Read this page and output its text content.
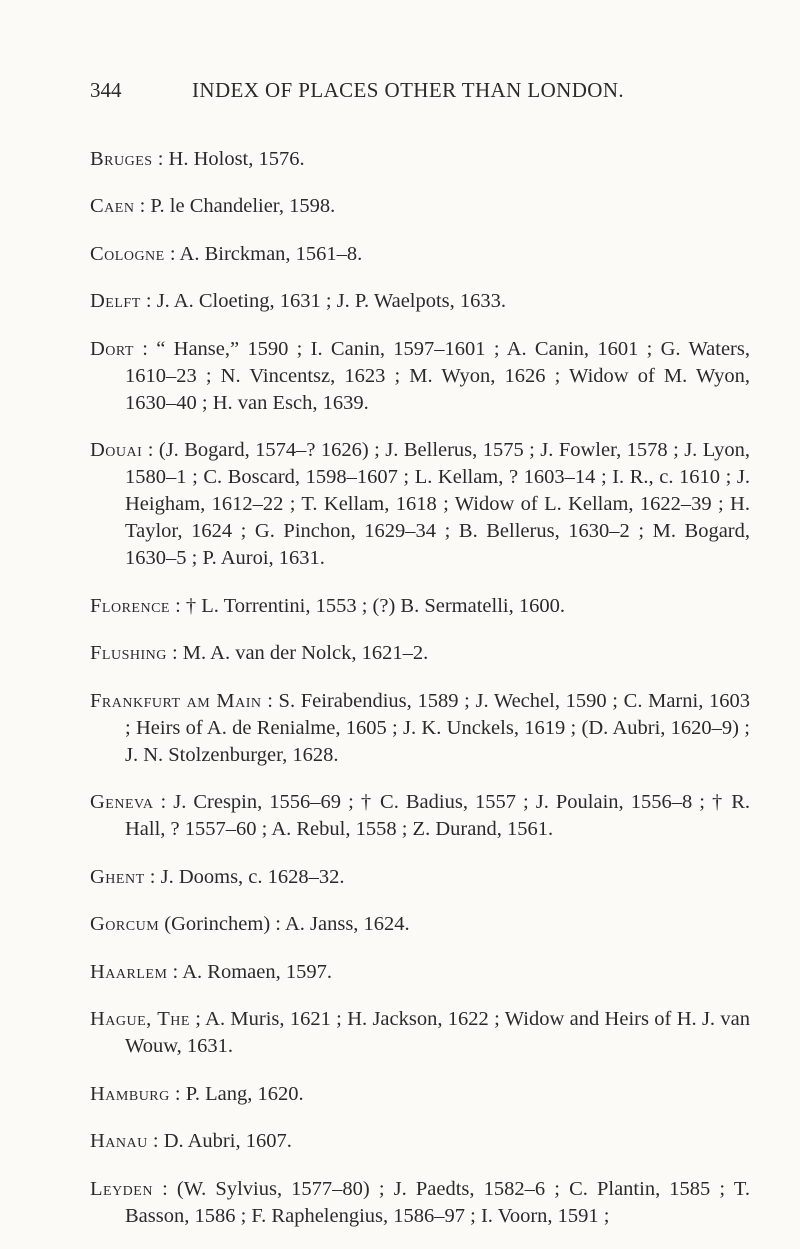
344	INDEX OF PLACES OTHER THAN LONDON.

Bruges : H. Holost, 1576.

Caen : P. le Chandelier, 1598.

Cologne : A. Birckman, 1561–8.

Delft : J. A. Cloeting, 1631 ; J. P. Waelpots, 1633.

Dort : “ Hanse,” 1590 ; I. Canin, 1597–1601 ; A. Canin, 1601 ; G. Waters, 1610–23 ; N. Vincentsz, 1623 ; M. Wyon, 1626 ; Widow of M. Wyon, 1630–40 ; H. van Esch, 1639.

Douai : (J. Bogard, 1574–? 1626) ; J. Bellerus, 1575 ; J. Fowler, 1578 ; J. Lyon, 1580–1 ; C. Boscard, 1598–1607 ; L. Kellam, ? 1603–14 ; I. R., c. 1610 ; J. Heigham, 1612–22 ; T. Kellam, 1618 ; Widow of L. Kellam, 1622–39 ; H. Taylor, 1624 ; G. Pinchon, 1629–34 ; B. Bellerus, 1630–2 ; M. Bogard, 1630–5 ; P. Auroi, 1631.

Florence : † L. Torrentini, 1553 ; (?) B. Sermatelli, 1600.

Flushing : M. A. van der Nolck, 1621–2.

Frankfurt am Main : S. Feirabendius, 1589 ; J. Wechel, 1590 ; C. Marni, 1603 ; Heirs of A. de Renialme, 1605 ; J. K. Unckels, 1619 ; (D. Aubri, 1620–9) ; J. N. Stolzenburger, 1628.

Geneva : J. Crespin, 1556–69 ; † C. Badius, 1557 ; J. Poulain, 1556–8 ; † R. Hall, ? 1557–60 ; A. Rebul, 1558 ; Z. Durand, 1561.

Ghent : J. Dooms, c. 1628–32.

Gorcum (Gorinchem) : A. Janss, 1624.

Haarlem : A. Romaen, 1597.

Hague, The ; A. Muris, 1621 ; H. Jackson, 1622 ; Widow and Heirs of H. J. van Wouw, 1631.

Hamburg : P. Lang, 1620.

Hanau : D. Aubri, 1607.

Leyden : (W. Sylvius, 1577–80) ; J. Paedts, 1582–6 ; C. Plantin, 1585 ; T. Basson, 1586 ; F. Raphelengius, 1586–97 ; I. Voorn, 1591 ;
